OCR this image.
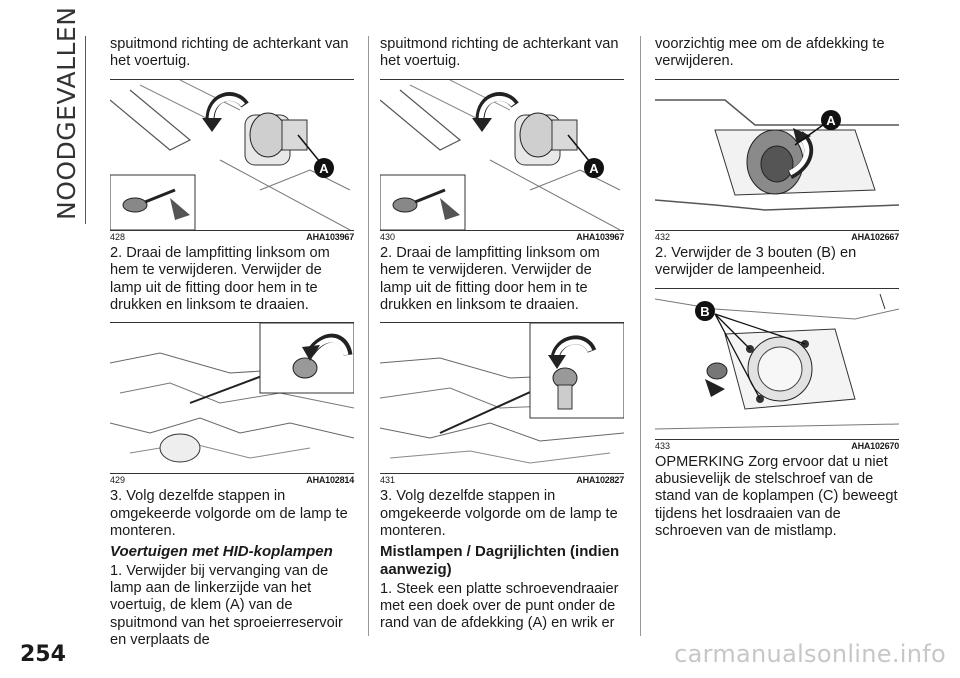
NOODGEVALLEN spuitmond richting de achterkant van het voertuig.

A
428	AHA103967

2. Draai de lampfitting linksom om hem te verwijderen. Verwijder de lamp uit de fitting door hem in te drukken en linksom te draaien.

429	AHA102814

3. Volg dezelfde stappen in omgekeerde volgorde om de lamp te monteren.

Voertuigen met HID-koplampen

1. Verwijder bij vervanging van de lamp aan de linkerzijde van het voertuig, de klem (A) van de spuitmond van het sproeierreservoir en verplaats de

spuitmond richting de achterkant van het voertuig.

A
430	AHA103967

2. Draai de lampfitting linksom om hem te verwijderen. Verwijder de lamp uit de fitting door hem in te drukken en linksom te draaien.

431	AHA102827

3. Volg dezelfde stappen in omgekeerde volgorde om de lamp te monteren.

Mistlampen / Dagrijlichten (indien aanwezig)

1. Steek een platte schroevendraaier met een doek over de punt onder de rand van de afdekking (A) en wrik er

voorzichtig mee om de afdekking te verwijderen.

A
432	AHA102667

2. Verwijder de 3 bouten (B) en verwijder de lampeenheid.

B
433	AHA102670

OPMERKING Zorg ervoor dat u niet abusievelijk de stelschroef van de stand van de koplampen (C) beweegt tijdens het losdraaien van de schroeven van de mistlamp.

254	carmanualsonline.info
